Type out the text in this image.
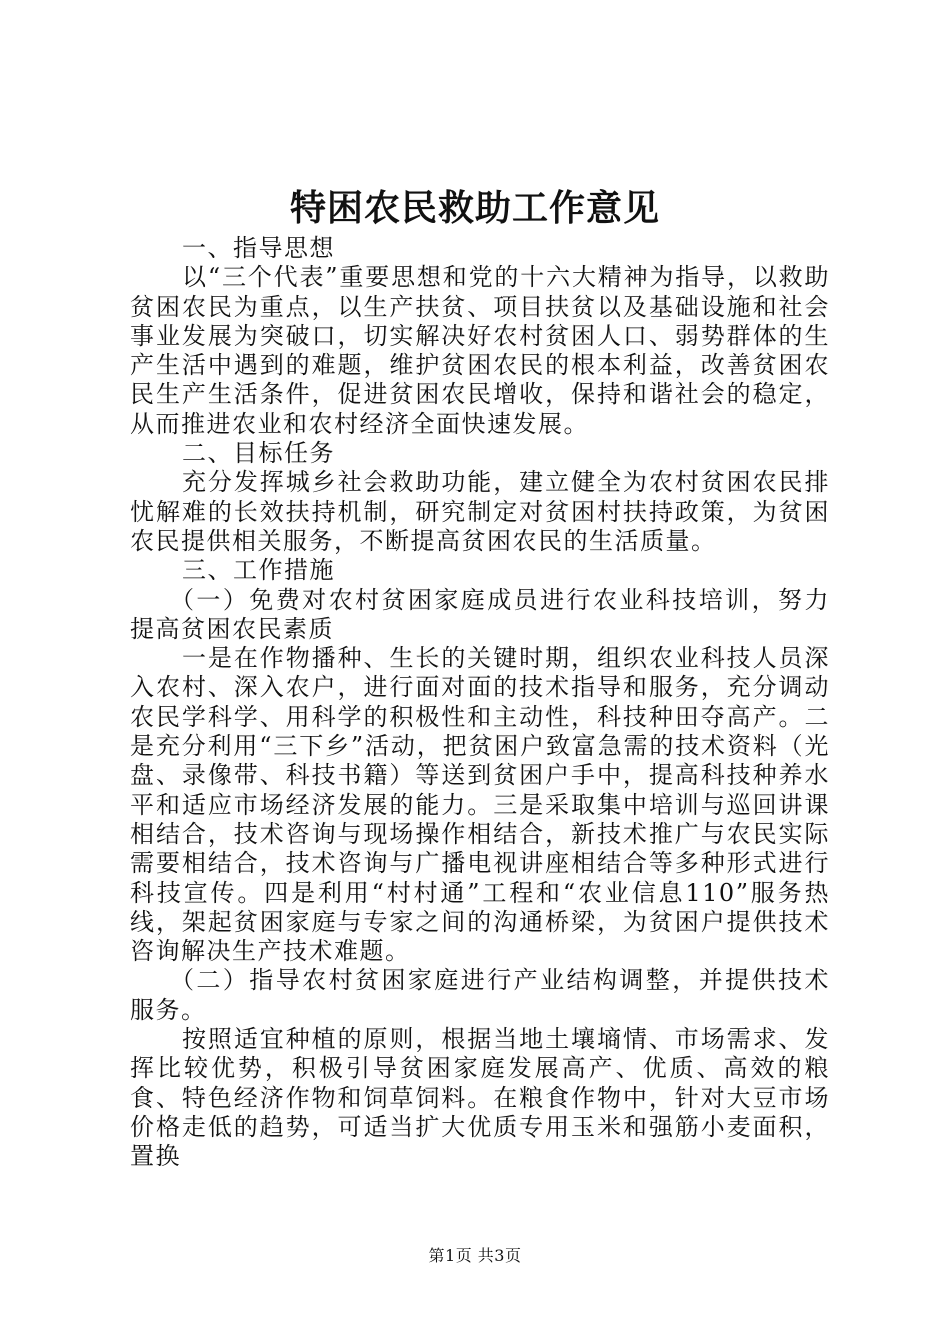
特困农民救助工作意见

一、指导思想

以“三个代表”重要思想和党的十六大精神为指导，以救助贫困农民为重点，以生产扶贫、项目扶贫以及基础设施和社会事业发展为突破口，切实解决好农村贫困人口、弱势群体的生产生活中遇到的难题，维护贫困农民的根本利益，改善贫困农民生产生活条件，促进贫困农民增收，保持和谐社会的稳定，从而推进农业和农村经济全面快速发展。

二、目标任务

充分发挥城乡社会救助功能，建立健全为农村贫困农民排忧解难的长效扶持机制，研究制定对贫困村扶持政策，为贫困农民提供相关服务，不断提高贫困农民的生活质量。

三、工作措施

（一）免费对农村贫困家庭成员进行农业科技培训，努力提高贫困农民素质

一是在作物播种、生长的关键时期，组织农业科技人员深入农村、深入农户，进行面对面的技术指导和服务，充分调动农民学科学、用科学的积极性和主动性，科技种田夺高产。二是充分利用“三下乡”活动，把贫困户致富急需的技术资料（光盘、录像带、科技书籍）等送到贫困户手中，提高科技种养水平和适应市场经济发展的能力。三是采取集中培训与巡回讲课相结合，技术咨询与现场操作相结合，新技术推广与农民实际需要相结合，技术咨询与广播电视讲座相结合等多种形式进行科技宣传。四是利用“村村通”工程和“农业信息110”服务热线，架起贫困家庭与专家之间的沟通桥梁，为贫困户提供技术咨询解决生产技术难题。

（二）指导农村贫困家庭进行产业结构调整，并提供技术服务。

按照适宜种植的原则，根据当地土壤墒情、市场需求、发挥比较优势，积极引导贫困家庭发展高产、优质、高效的粮食、特色经济作物和饲草饲料。在粮食作物中，针对大豆市场价格走低的趋势，可适当扩大优质专用玉米和强筋小麦面积，置换

第1页 共3页
